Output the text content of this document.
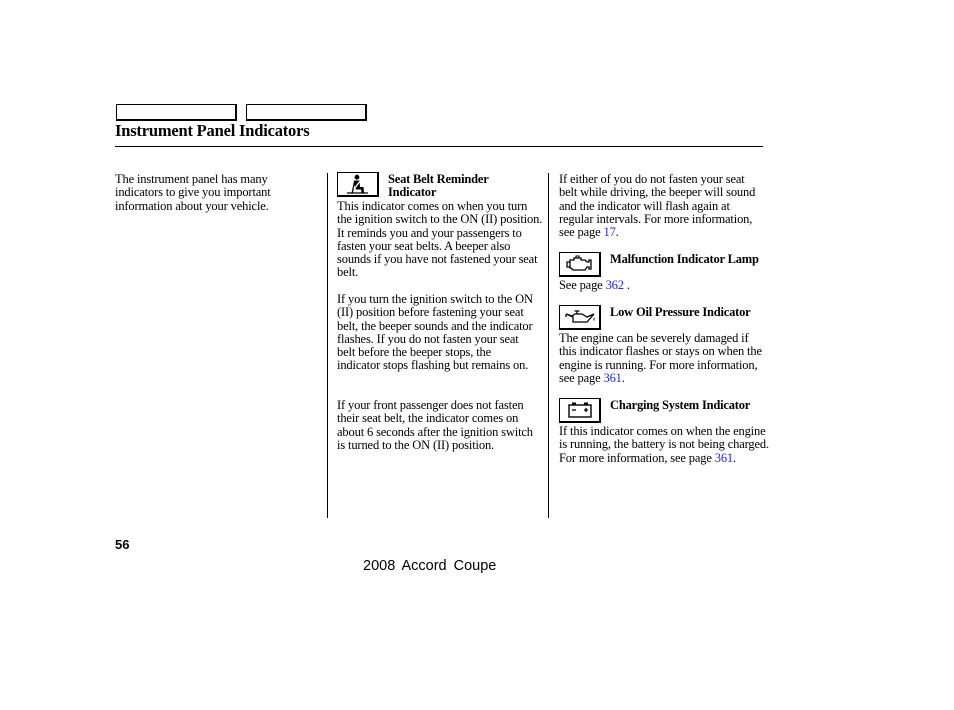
Instrument Panel Indicators

The instrument panel has many indicators to give you important information about your vehicle.

Seat Belt Reminder Indicator

This indicator comes on when you turn the ignition switch to the ON (II) position. It reminds you and your passengers to fasten your seat belts. A beeper also sounds if you have not fastened your seat belt.

If you turn the ignition switch to the ON (II) position before fastening your seat belt, the beeper sounds and the indicator flashes. If you do not fasten your seat belt before the beeper stops, the indicator stops flashing but remains on.

If your front passenger does not fasten their seat belt, the indicator comes on about 6 seconds after the ignition switch is turned to the ON (II) position.

If either of you do not fasten your seat belt while driving, the beeper will sound and the indicator will flash again at regular intervals. For more information, see page 17.

Malfunction Indicator Lamp

See page 362 .

Low Oil Pressure Indicator

The engine can be severely damaged if this indicator flashes or stays on when the engine is running. For more information, see page 361.

Charging System Indicator

If this indicator comes on when the engine is running, the battery is not being charged. For more information, see page 361.

56
2008 Accord Coupe
